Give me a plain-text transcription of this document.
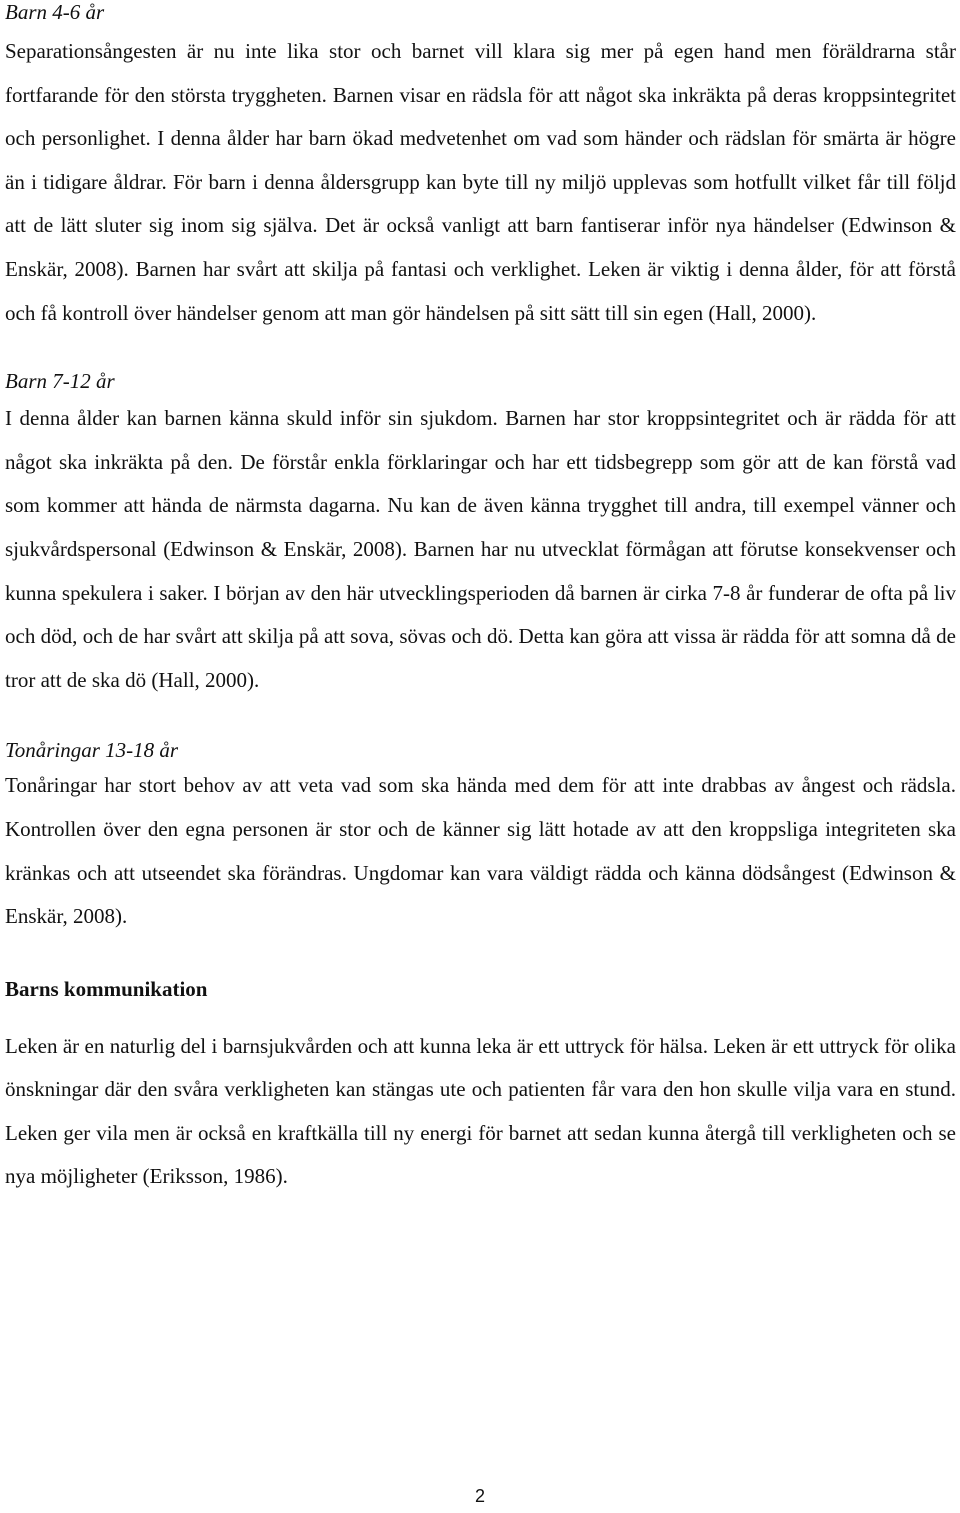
Barn 4-6 år

Separationsångesten är nu inte lika stor och barnet vill klara sig mer på egen hand men föräldrarna står fortfarande för den största tryggheten. Barnen visar en rädsla för att något ska inkräkta på deras kroppsintegritet och personlighet. I denna ålder har barn ökad medvetenhet om vad som händer och rädslan för smärta är högre än i tidigare åldrar. För barn i denna åldersgrupp kan byte till ny miljö upplevas som hotfullt vilket får till följd att de lätt sluter sig inom sig själva. Det är också vanligt att barn fantiserar inför nya händelser (Edwinson & Enskär, 2008). Barnen har svårt att skilja på fantasi och verklighet. Leken är viktig i denna ålder, för att förstå och få kontroll över händelser genom att man gör händelsen på sitt sätt till sin egen (Hall, 2000).

Barn 7-12 år

I denna ålder kan barnen känna skuld inför sin sjukdom. Barnen har stor kroppsintegritet och är rädda för att något ska inkräkta på den. De förstår enkla förklaringar och har ett tidsbegrepp som gör att de kan förstå vad som kommer att hända de närmsta dagarna. Nu kan de även känna trygghet till andra, till exempel vänner och sjukvårdspersonal (Edwinson & Enskär, 2008). Barnen har nu utvecklat förmågan att förutse konsekvenser och kunna spekulera i saker. I början av den här utvecklingsperioden då barnen är cirka 7-8 år funderar de ofta på liv och död, och de har svårt att skilja på att sova, sövas och dö. Detta kan göra att vissa är rädda för att somna då de tror att de ska dö (Hall, 2000).

Tonåringar 13-18 år

Tonåringar har stort behov av att veta vad som ska hända med dem för att inte drabbas av ångest och rädsla. Kontrollen över den egna personen är stor och de känner sig lätt hotade av att den kroppsliga integriteten ska kränkas och att utseendet ska förändras. Ungdomar kan vara väldigt rädda och känna dödsångest (Edwinson & Enskär, 2008).

Barns kommunikation

Leken är en naturlig del i barnsjukvården och att kunna leka är ett uttryck för hälsa. Leken är ett uttryck för olika önskningar där den svåra verkligheten kan stängas ute och patienten får vara den hon skulle vilja vara en stund. Leken ger vila men är också en kraftkälla till ny energi för barnet att sedan kunna återgå till verkligheten och se nya möjligheter (Eriksson, 1986).

2
